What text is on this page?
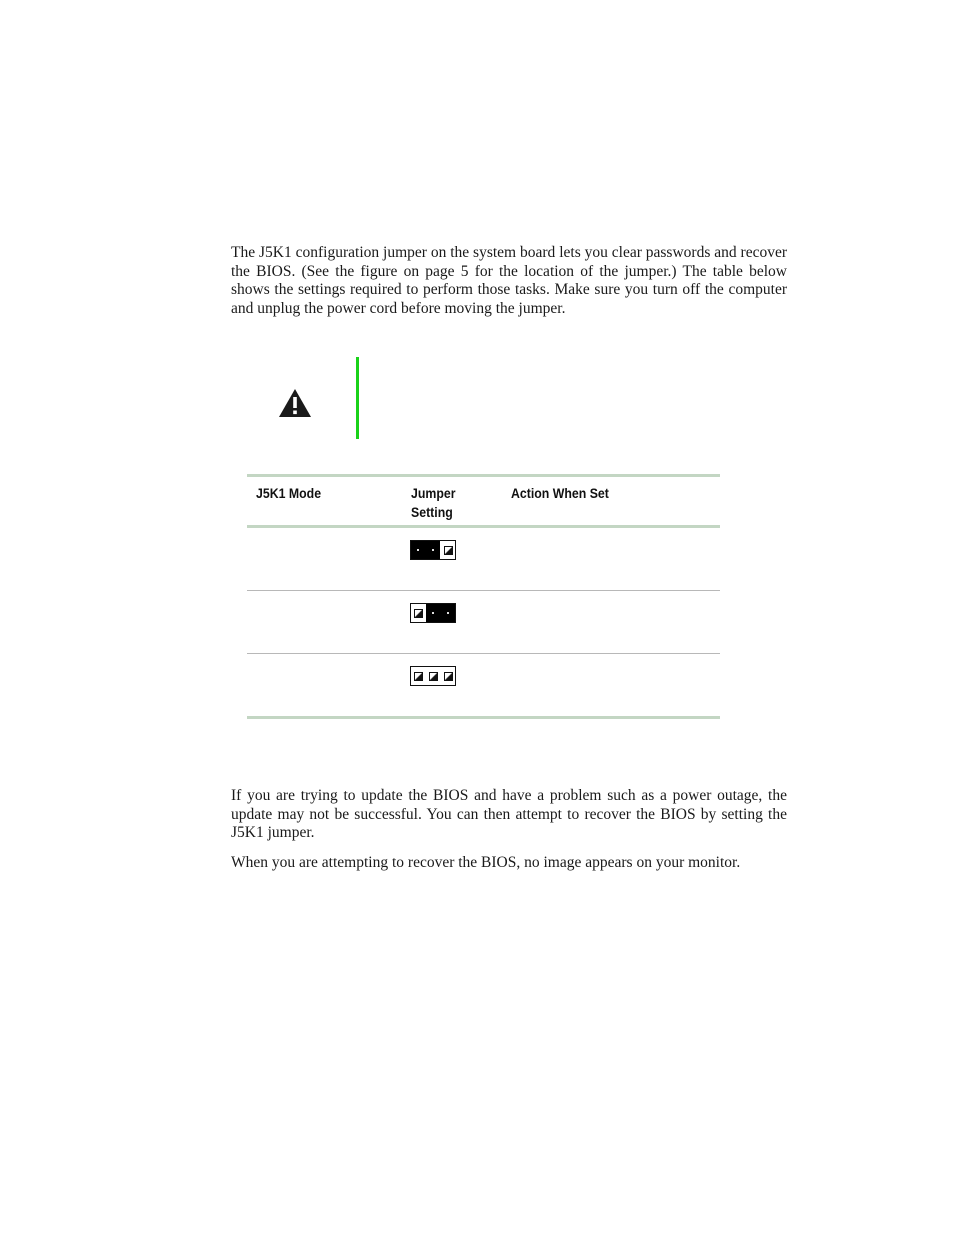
The J5K1 configuration jumper on the system board lets you clear passwords and recover the BIOS. (See the figure on page 5 for the location of the jumper.) The table below shows the settings required to perform those tasks. Make sure you turn off the computer and unplug the power cord before moving the jumper.

J5K1 Mode	Jumper Setting
Action When Set

If you are trying to update the BIOS and have a problem such as a power outage, the update may not be successful. You can then attempt to recover the BIOS by setting the J5K1 jumper.

When you are attempting to recover the BIOS, no image appears on your monitor.
